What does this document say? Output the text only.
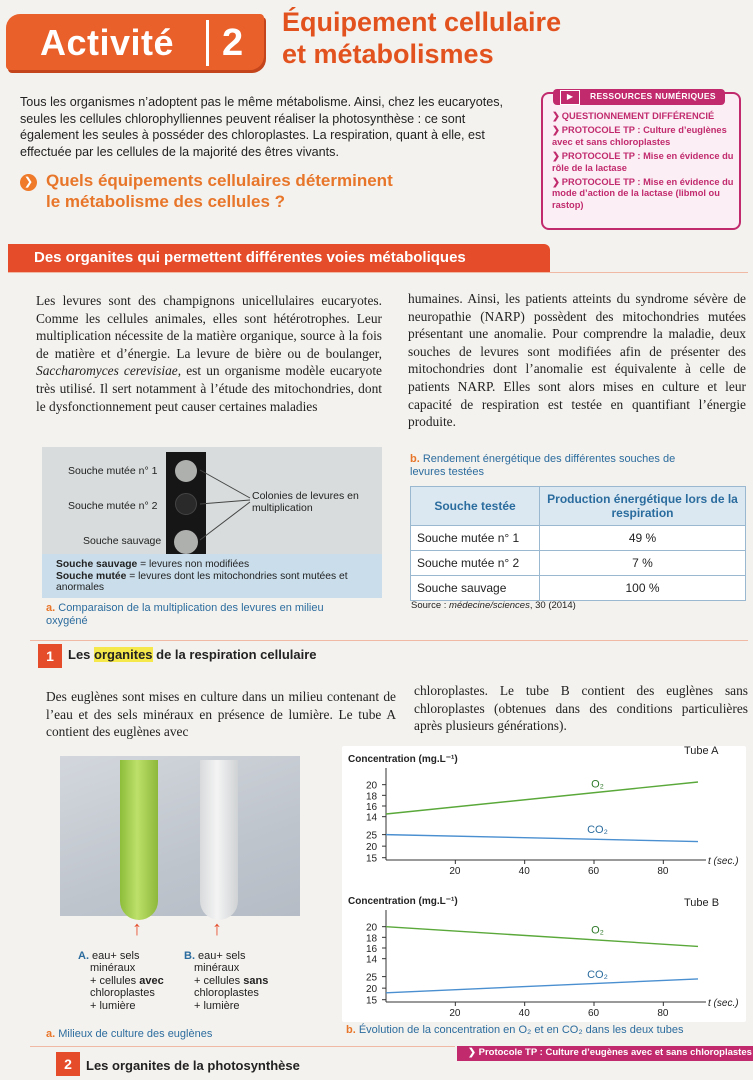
Activité 2 Équipement cellulaire
et métabolismes
Tous les organismes n’adoptent pas le même métabolisme. Ainsi, chez les eucaryotes, seules les cellules chlorophylliennes peuvent réaliser la photosynthèse : ce sont également les seules à posséder des chloroplastes. La respiration, quant à elle, est effectuée par les cellules de la majorité des êtres vivants.
❯ Quels équipements cellulaires déterminent
le métabolisme des cellules ?
▶	RESSOURCES NUMÉRIQUES
❯ QUESTIONNEMENT DIFFÉRENCIÉ
❯ PROTOCOLE TP : Culture d’euglènes avec et sans chloroplastes
❯ PROTOCOLE TP : Mise en évidence du rôle de la lactase
❯ PROTOCOLE TP : Mise en évidence du mode d’action de la lactase (libmol ou rastop)
Des organites qui permettent différentes voies métaboliques
Les levures sont des champignons unicellulaires eucaryotes. Comme les cellules animales, elles sont hétérotrophes. Leur multiplication nécessite de la matière organique, source à la fois de matière et d’énergie. La levure de bière ou de boulanger, Saccharomyces cerevisiae, est un organisme modèle eucaryote très utilisé. Il sert notamment à l’étude des mitochondries, dont le dysfonctionnement peut causer certaines maladies
humaines. Ainsi, les patients atteints du syndrome sévère de neuropathie (NARP) possèdent des mitochondries mutées présentant une anomalie. Pour comprendre la maladie, deux souches de levures sont modifiées afin de présenter des mitochondries dont l’anomalie est équivalente à celle de patients NARP. Elles sont alors mises en culture et leur capacité de respiration est testée en quantifiant l’énergie produite.
Souche mutée n° 1
Souche mutée n° 2
Souche sauvage
Colonies de levures en multiplication
Souche sauvage = levures non modifiées
Souche mutée = levures dont les mitochondries sont mutées et anormales
a. Comparaison de la multiplication des levures en milieu oxygéné
b. Rendement énergétique des différentes souches de levures testées
Souche testée	Production énergétique lors de la respiration
Souche mutée n° 1	49 %
Souche mutée n° 2	7 %
Souche sauvage	100 %
Source : médecine/sciences, 30 (2014)
1	Les organites de la respiration cellulaire
Des euglènes sont mises en culture dans un milieu contenant de l’eau et des sels minéraux en présence de lumière. Le tube A contient des euglènes avec
chloroplastes. Le tube B contient des euglènes sans chloroplastes (obtenues dans des conditions particulières après plusieurs générations).
↑	↑
A. eau+ sels
minéraux
+ cellules avec
chloroplastes
+ lumière
B. eau+ sels
minéraux
+ cellules sans
chloroplastes
+ lumière
a. Milieux de culture des euglènes
Concentration (mg.L⁻¹)
Tube A
t (sec.)
20	40	60	80
14
16
18
20	O₂
15
20
25
CO₂
Concentration (mg.L⁻¹)	Tube B
t (sec.)
20	40	60	80
14
16
18
20	O₂
15
20
25	CO₂
b. Évolution de la concentration en O₂ et en CO₂ dans les deux tubes
2	Les organites de la photosynthèse
❯ Protocole TP : Culture d’eugènes avec et sans chloroplastes
